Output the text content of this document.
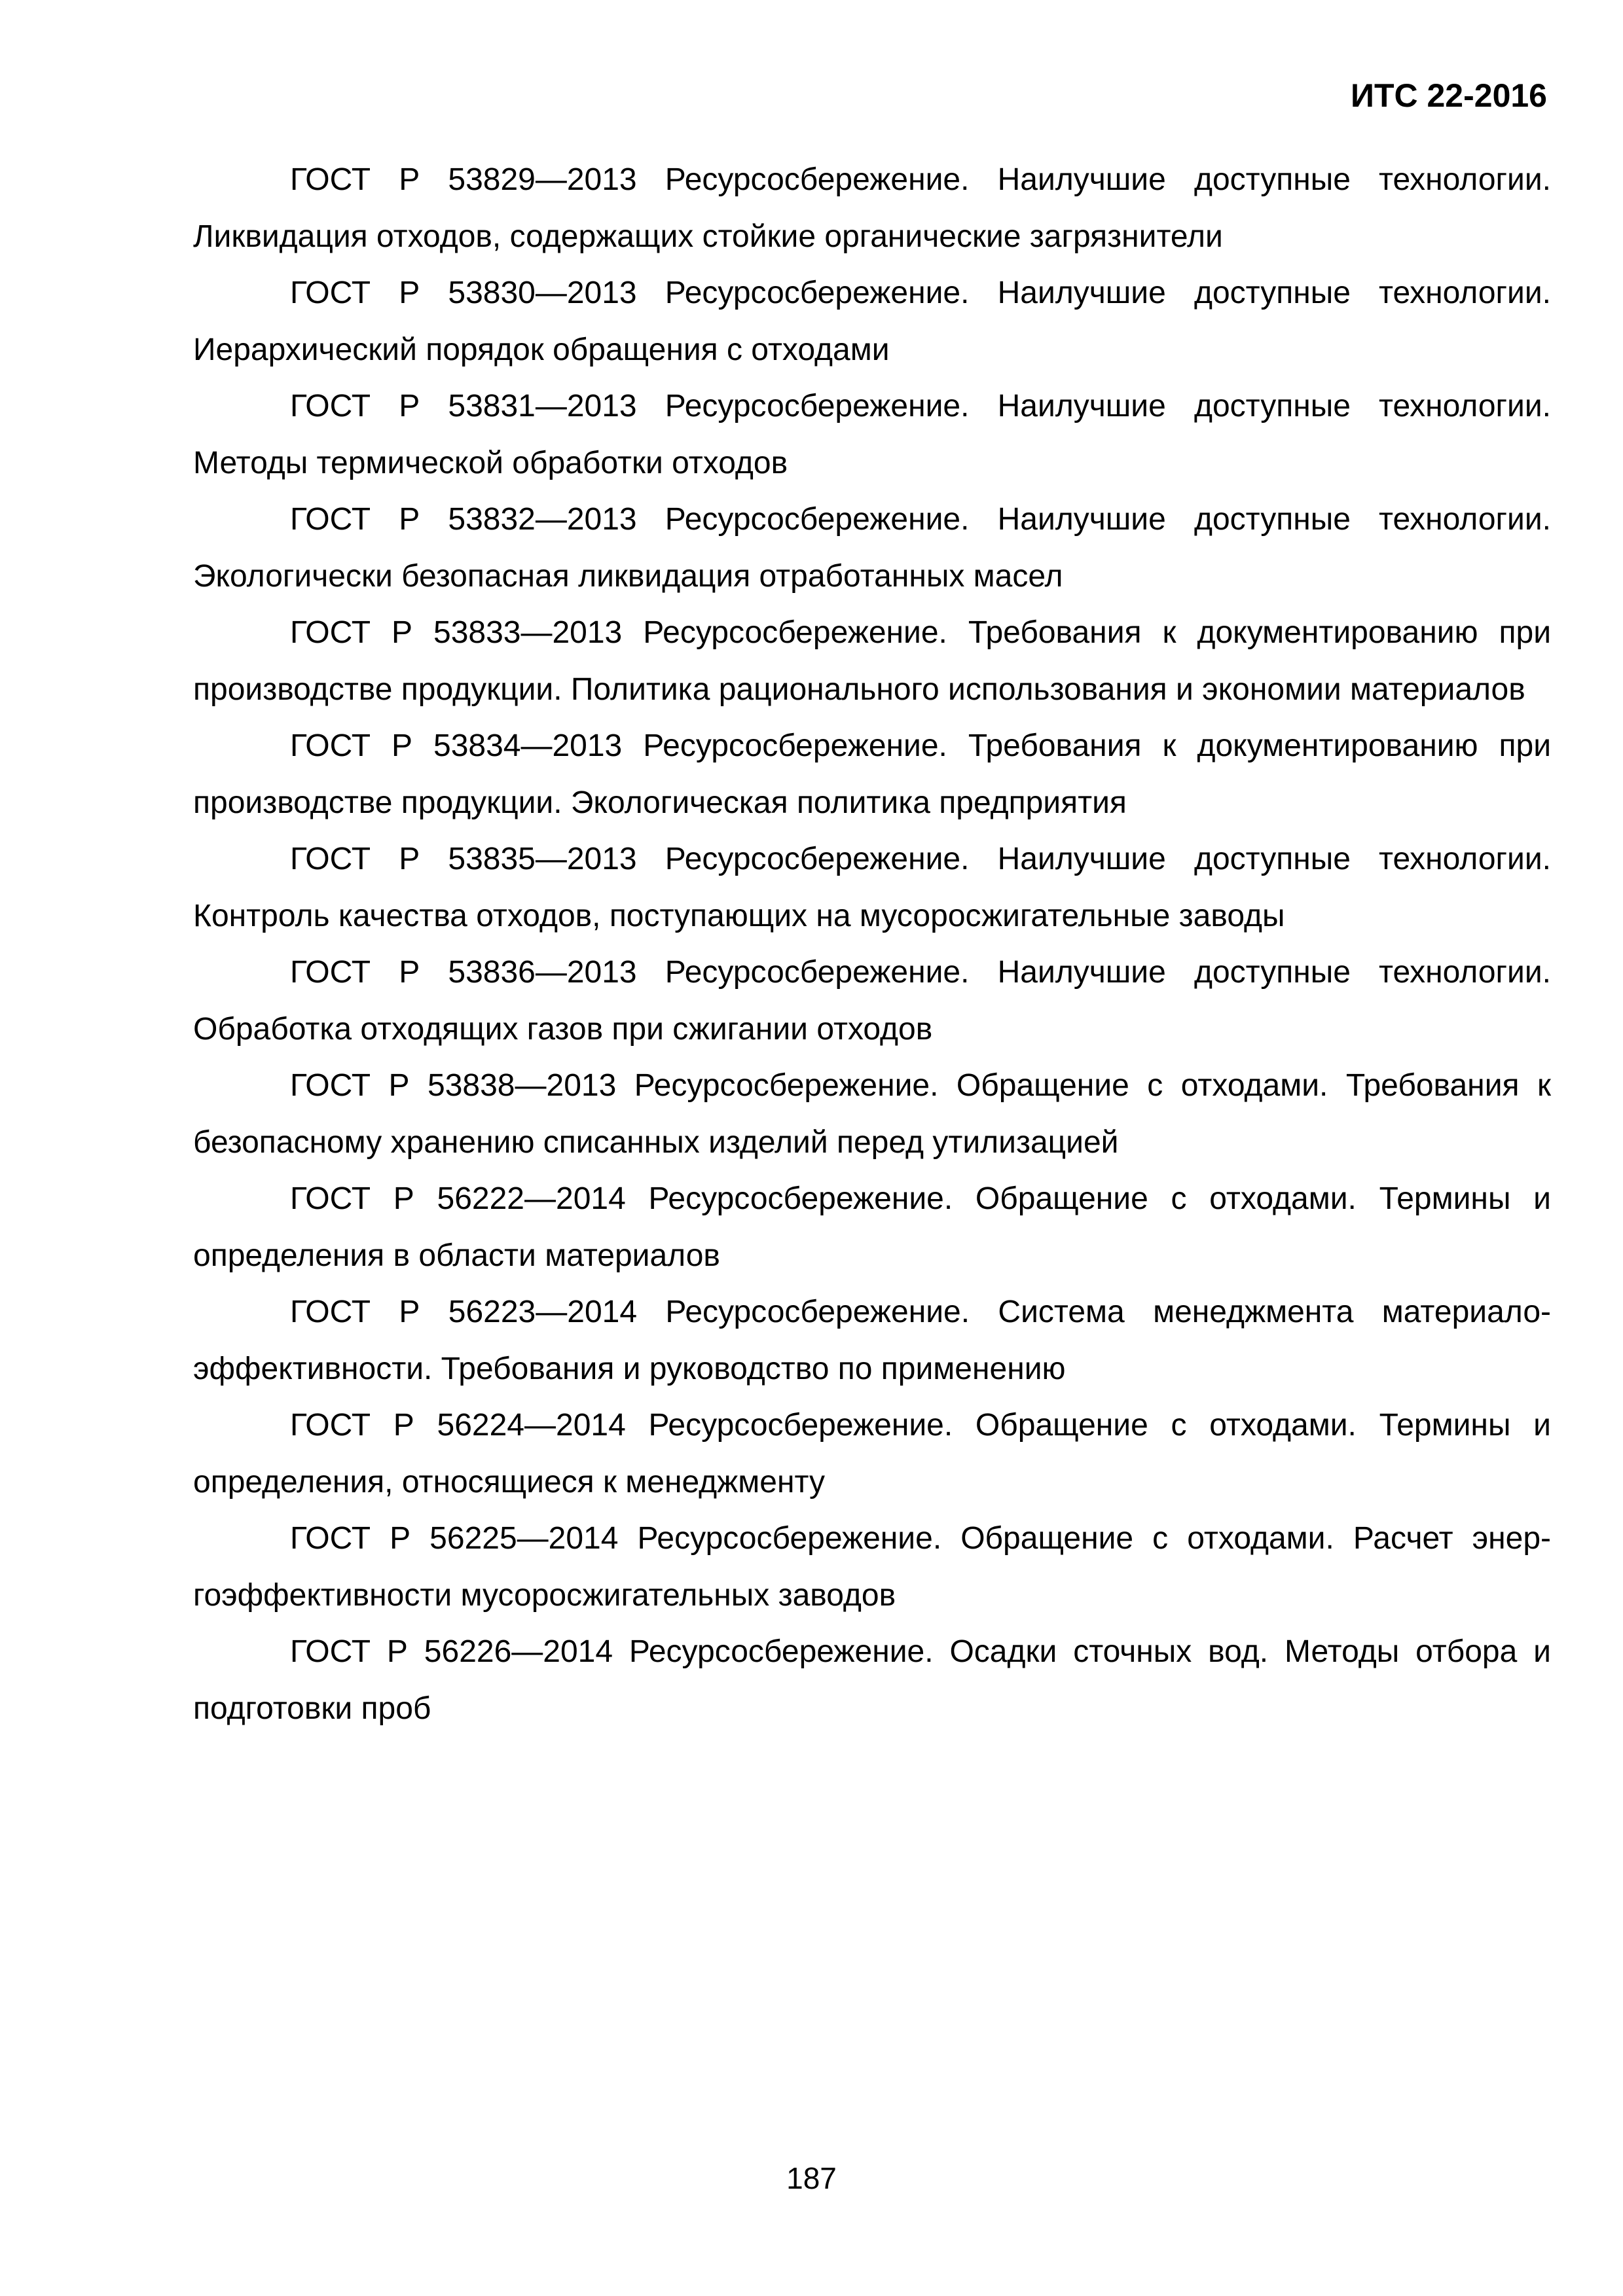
ИТС 22-2016

ГОСТ Р 53829—2013 Ресурсосбережение. Наилучшие доступные технологии. Ликвидация отходов, содержащих стойкие органические загрязнители

ГОСТ Р 53830—2013 Ресурсосбережение. Наилучшие доступные технологии. Иерархический порядок обращения с отходами

ГОСТ Р 53831—2013 Ресурсосбережение. Наилучшие доступные технологии. Методы термической обработки отходов

ГОСТ Р 53832—2013 Ресурсосбережение. Наилучшие доступные технологии. Экологически безопасная ликвидация отработанных масел

ГОСТ Р 53833—2013 Ресурсосбережение. Требования к документированию при производстве продукции. Политика рационального использования и экономии материалов

ГОСТ Р 53834—2013 Ресурсосбережение. Требования к документированию при производстве продукции. Экологическая политика предприятия

ГОСТ Р 53835—2013 Ресурсосбережение. Наилучшие доступные технологии. Контроль качества отходов, поступающих на мусоросжигательные заводы

ГОСТ Р 53836—2013 Ресурсосбережение. Наилучшие доступные технологии. Обработка отходящих газов при сжигании отходов

ГОСТ Р 53838—2013 Ресурсосбережение. Обращение с отходами. Требования к безопасному хранению списанных изделий перед утилизацией

ГОСТ Р 56222—2014 Ресурсосбережение. Обращение с отходами. Термины и определения в области материалов

ГОСТ Р 56223—2014 Ресурсосбережение. Система менеджмента материало-эффективности. Требования и руководство по применению

ГОСТ Р 56224—2014 Ресурсосбережение. Обращение с отходами. Термины и определения, относящиеся к менеджменту

ГОСТ Р 56225—2014 Ресурсосбережение. Обращение с отходами. Расчет энергоэффективности мусоросжигательных заводов

ГОСТ Р 56226—2014 Ресурсосбережение. Осадки сточных вод. Методы отбора и подготовки проб

187
